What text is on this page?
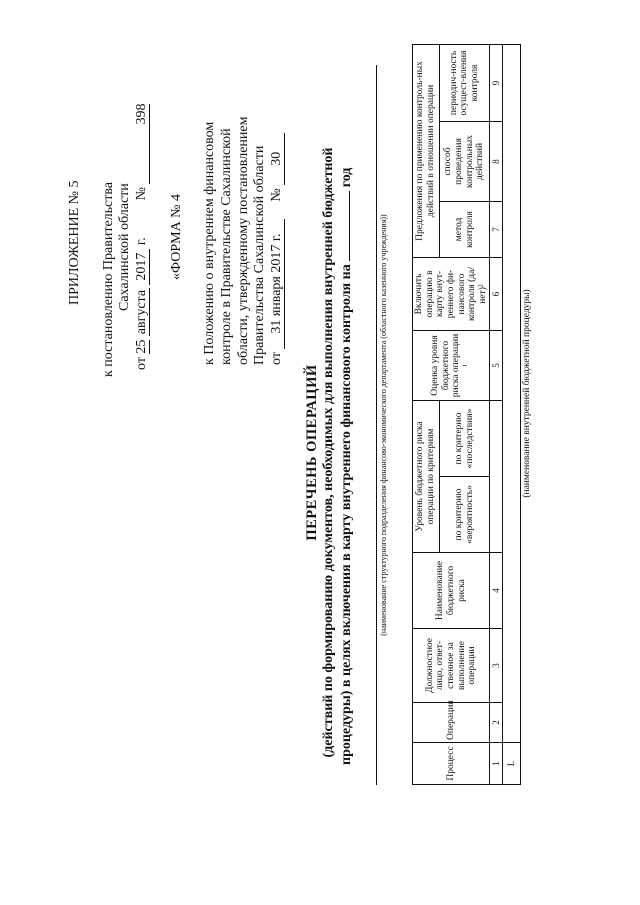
ПРИЛОЖЕНИЕ № 5 к постановлению Правительства Сахалинской области
от 25 августа 2017 г.  № 398
«ФОРМА № 4 к Положению о внутреннем финансовом контроле в Правительстве Сахалинской области, утвержденному постановлением Правительства Сахалинской области от 31 января 2017 г.  № 30
ПЕРЕЧЕНЬ ОПЕРАЦИЙ (действий по формированию документов, необходимых для выполнения внутренней бюджетной процедуры) в целях включения в карту внутреннего финансового контроля на  год
(наименование структурного подразделения финансово-экономического департамента (областного казенного учреждения))
Процесс	Операция	Должностное лицо, ответ-ственное за выполнение операции	Наименование бюджетного риска	Уровень бюджетного риска операции по критериям		Оценка уровня бюджетного риска операции ¹	Включить операцию в карту внут-реннего фи-нансового контроля (да/нет)²	Предложения по применению контроль-ных действий в отношении операции		
				по критерию «вероятность»	по критерию «последствия»			метод контроля	способ проведения контрольных действий	периодич-ность осущест-вления контроля
1	2	3	4			5	6	7	8	9
I.										
	(наименование внутренней бюджетной процедуры)									
